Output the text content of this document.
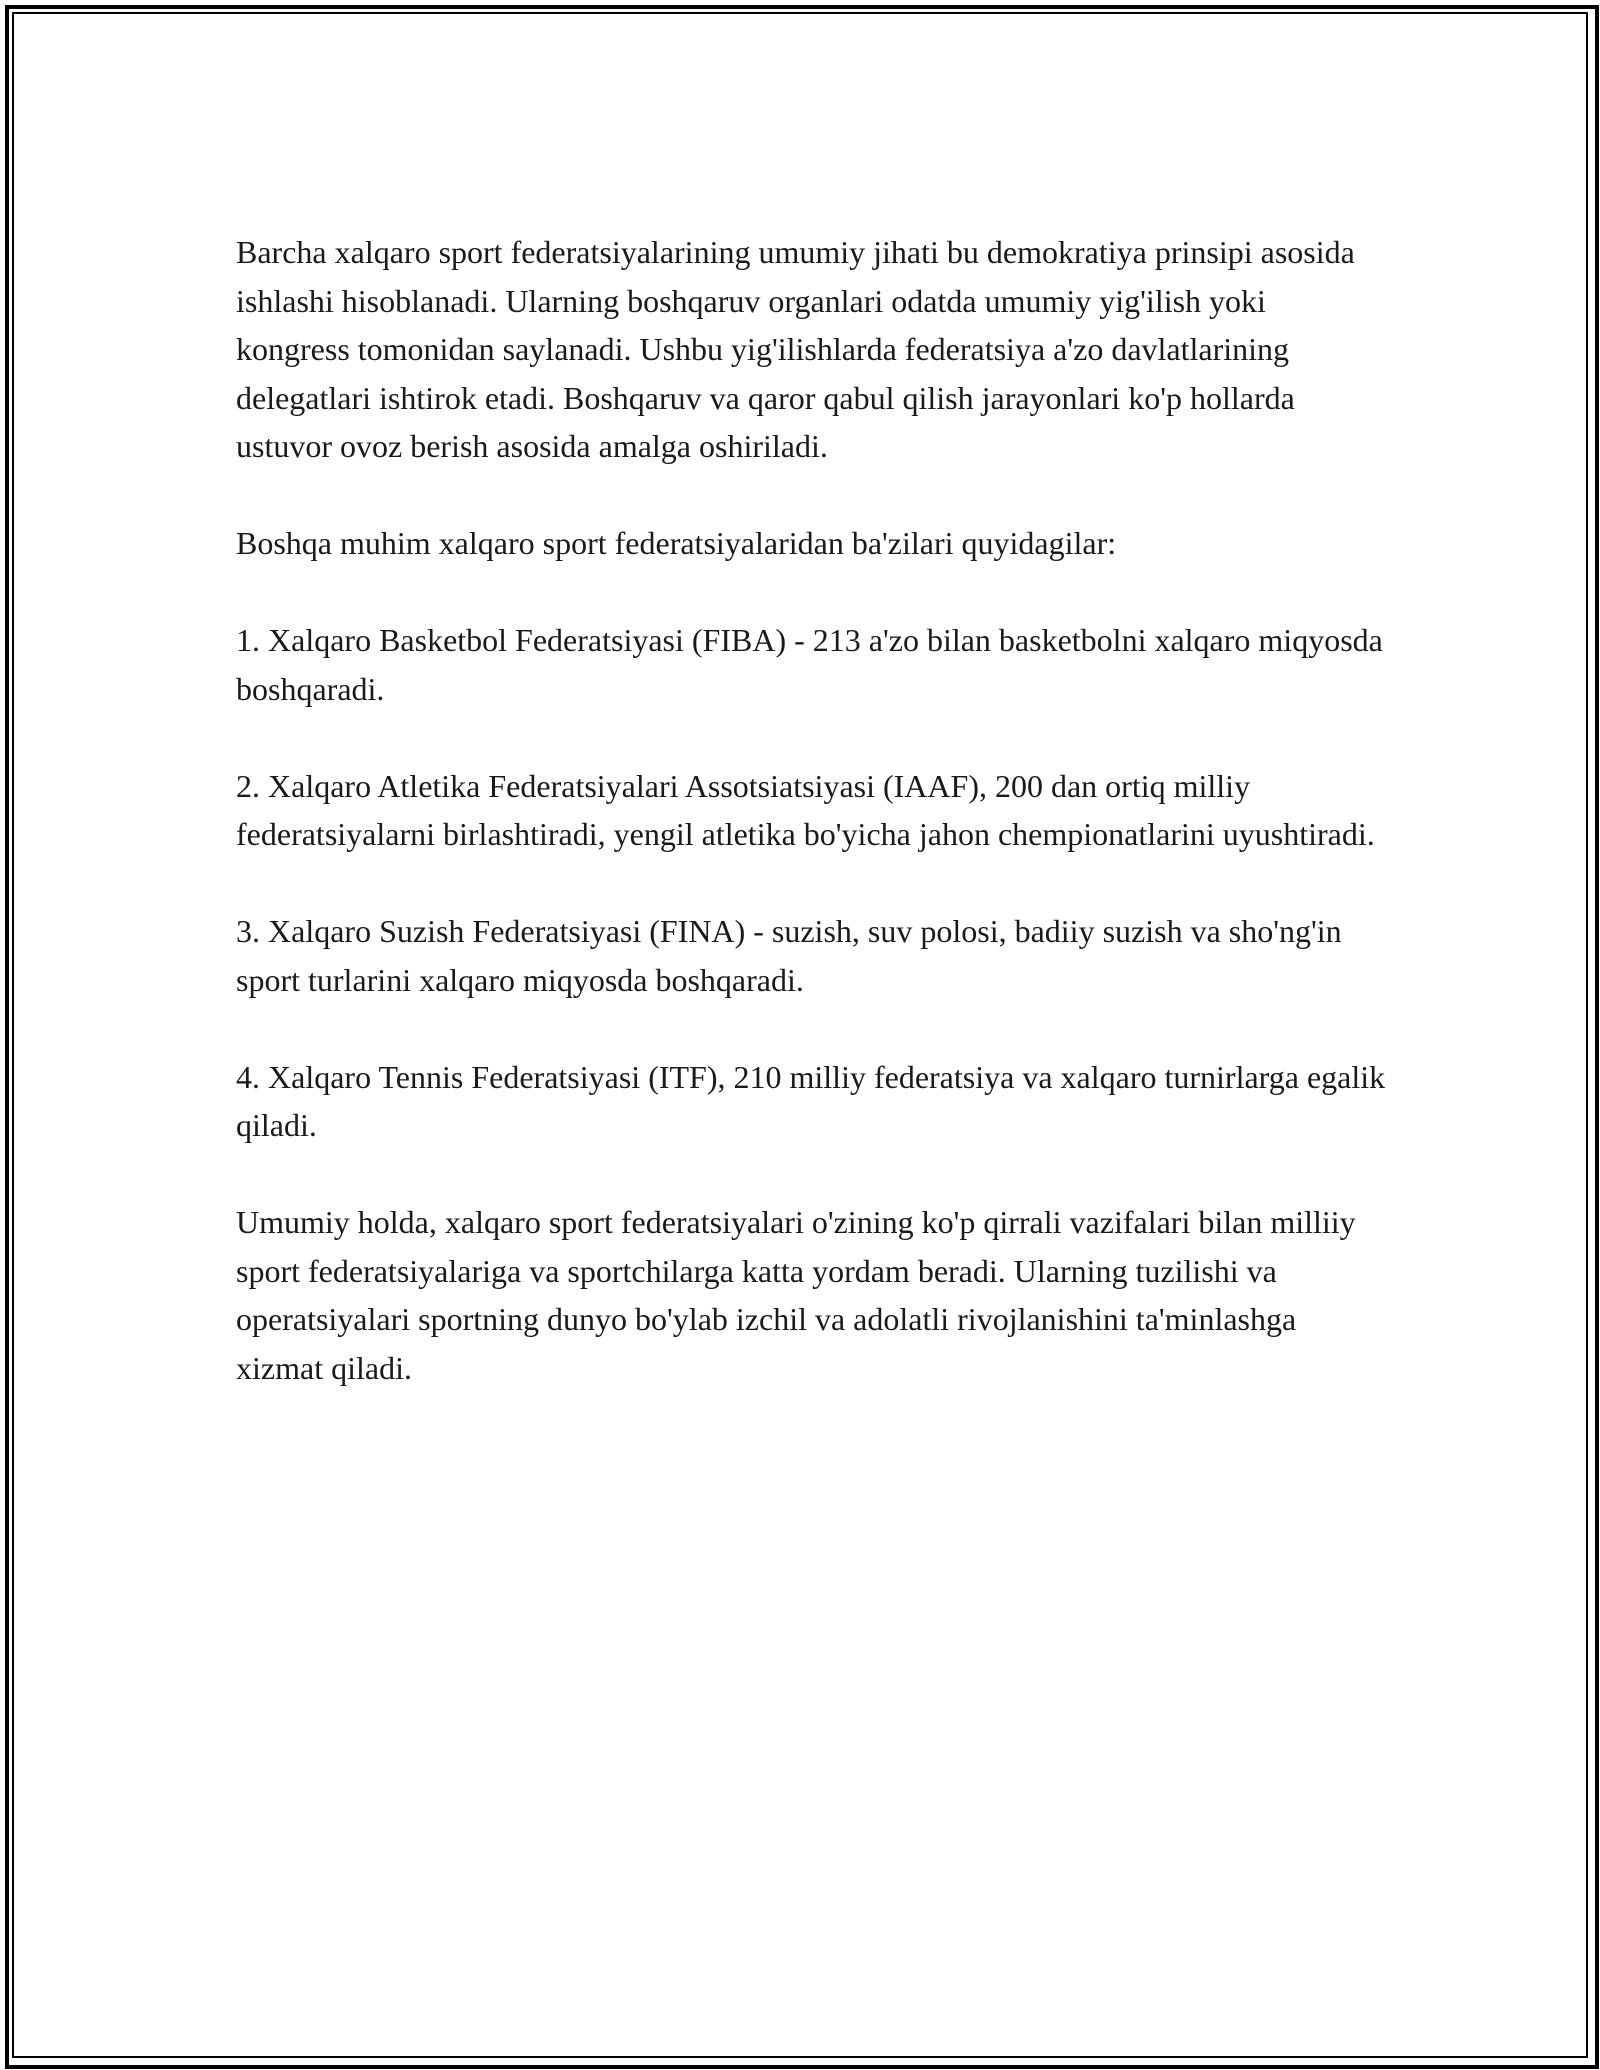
Barcha xalqaro sport federatsiyalarining umumiy jihati bu demokratiya prinsipi asosida ishlashi hisoblanadi. Ularning boshqaruv organlari odatda umumiy yig'ilish yoki kongress tomonidan saylanadi. Ushbu yig'ilishlarda federatsiya a'zo davlatlarining delegatlari ishtirok etadi. Boshqaruv va qaror qabul qilish jarayonlari ko'p hollarda ustuvor ovoz berish asosida amalga oshiriladi.

Boshqa muhim xalqaro sport federatsiyalaridan ba'zilari quyidagilar:

1. Xalqaro Basketbol Federatsiyasi (FIBA) - 213 a'zo bilan basketbolni xalqaro miqyosda boshqaradi.

2. Xalqaro Atletika Federatsiyalari Assotsiatsiyasi (IAAF), 200 dan ortiq milliy federatsiyalarni birlashtiradi, yengil atletika bo'yicha jahon chempionatlarini uyushtiradi.

3. Xalqaro Suzish Federatsiyasi (FINA) - suzish, suv polosi, badiiy suzish va sho'ng'in sport turlarini xalqaro miqyosda boshqaradi.

4. Xalqaro Tennis Federatsiyasi (ITF), 210 milliy federatsiya va xalqaro turnirlarga egalik qiladi.

Umumiy holda, xalqaro sport federatsiyalari o'zining ko'p qirrali vazifalari bilan milliiy sport federatsiyalariga va sportchilarga katta yordam beradi. Ularning tuzilishi va operatsiyalari sportning dunyo bo'ylab izchil va adolatli rivojlanishini ta'minlashga xizmat qiladi.
